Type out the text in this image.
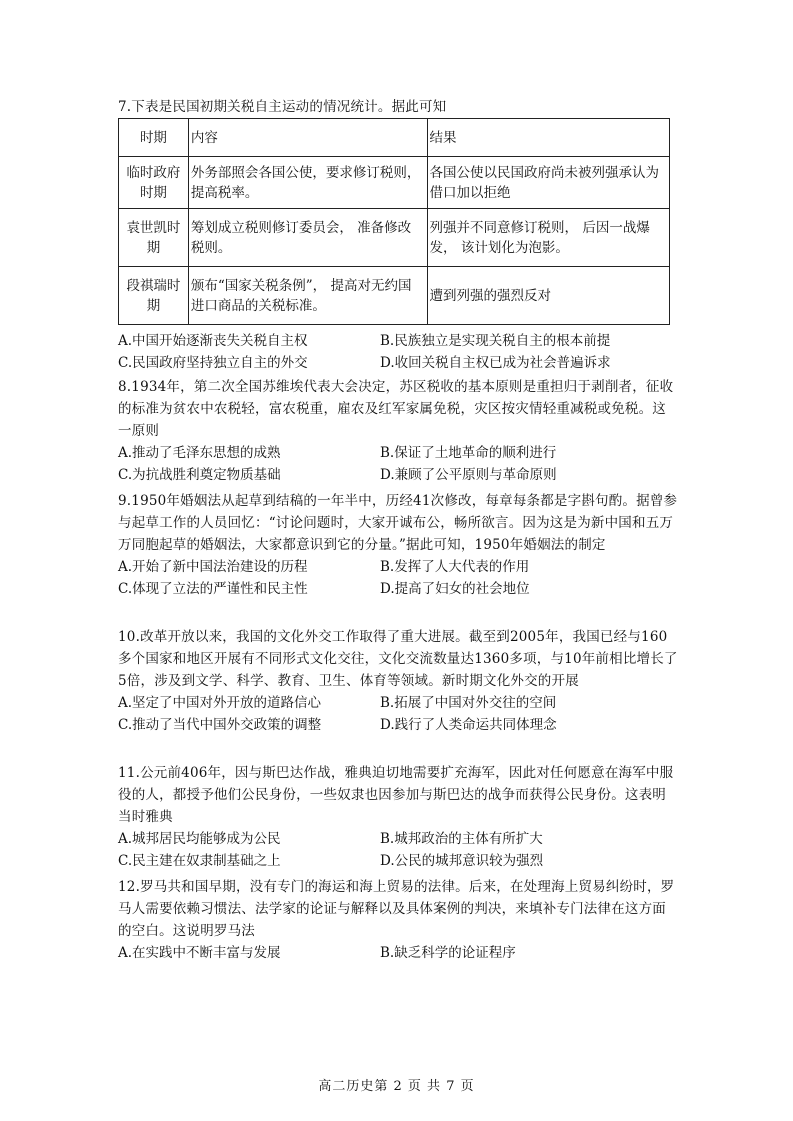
7.下表是民国初期关税自主运动的情况统计。据此可知
时期	内容	结果
临时政府时期	外务部照会各国公使，要求修订税则，提高税率。	各国公使以民国政府尚未被列强承认为借口加以拒绝
袁世凯时期	筹划成立税则修订委员会， 准备修改税则。	列强并不同意修订税则， 后因一战爆发， 该计划化为泡影。
段祺瑞时期	颁布“国家关税条例”， 提高对无约国进口商品的关税标准。	遭到列强的强烈反对
A.中国开始逐渐丧失关税自主权	B.民族独立是实现关税自主的根本前提
C.民国政府坚持独立自主的外交	D.收回关税自主权已成为社会普遍诉求
8.1934年，第二次全国苏维埃代表大会决定，苏区税收的基本原则是重担归于剥削者，征收的标准为贫农中农税轻，富农税重，雇农及红军家属免税，灾区按灾情轻重减税或免税。这一原则
A.推动了毛泽东思想的成熟	B.保证了土地革命的顺利进行
C.为抗战胜利奠定物质基础	D.兼顾了公平原则与革命原则
9.1950年婚姻法从起草到结稿的一年半中，历经41次修改，每章每条都是字斟句酌。据曾参与起草工作的人员回忆：“讨论问题时，大家开诚布公，畅所欲言。因为这是为新中国和五万万同胞起草的婚姻法，大家都意识到它的分量。”据此可知，1950年婚姻法的制定
A.开始了新中国法治建设的历程	B.发挥了人大代表的作用
C.体现了立法的严谨性和民主性	D.提高了妇女的社会地位
10.改革开放以来，我国的文化外交工作取得了重大进展。截至到2005年，我国已经与160多个国家和地区开展有不同形式文化交往，文化交流数量达1360多项，与10年前相比增长了5倍，涉及到文学、科学、教育、卫生、体育等领域。新时期文化外交的开展
A.坚定了中国对外开放的道路信心	B.拓展了中国对外交往的空间
C.推动了当代中国外交政策的调整	D.践行了人类命运共同体理念
11.公元前406年，因与斯巴达作战，雅典迫切地需要扩充海军，因此对任何愿意在海军中服役的人，都授予他们公民身份，一些奴隶也因参加与斯巴达的战争而获得公民身份。这表明当时雅典
A.城邦居民均能够成为公民	B.城邦政治的主体有所扩大
C.民主建在奴隶制基础之上	D.公民的城邦意识较为强烈
12.罗马共和国早期，没有专门的海运和海上贸易的法律。后来，在处理海上贸易纠纷时，罗马人需要依赖习惯法、法学家的论证与解释以及具体案例的判决，来填补专门法律在这方面的空白。这说明罗马法
A.在实践中不断丰富与发展	B.缺乏科学的论证程序
高二历史第 2 页 共 7 页
